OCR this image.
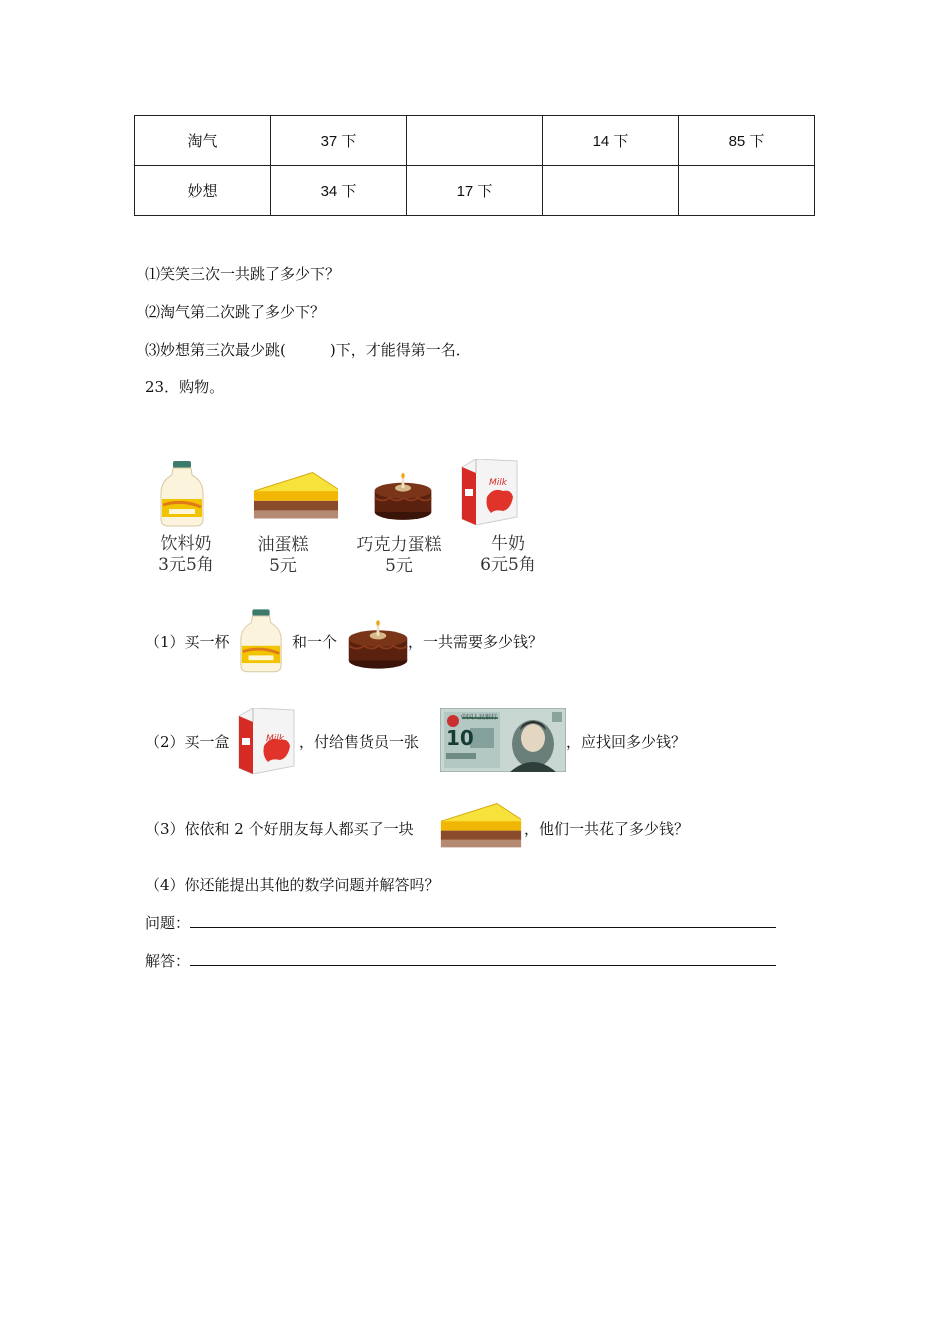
淘气	37 下		14 下	85 下
妙想	34 下	17 下		
⑴笑笑三次一共跳了多少下？
⑵淘气第二次跳了多少下？
⑶妙想第三次最少跳(	)下，才能得第一名．
23．购物。
Milk
饮料奶
3元5角
油蛋糕
5元
巧克力蛋糕
5元
牛奶
6元5角
（1）买一杯	和一个	，一共需要多少钱？
（2）买一盒	Milk ，付给售货员一张
中国人民银行
10	，应找回多少钱？
（3）依依和 2 个好朋友每人都买了一块	，他们一共花了多少钱？
（4）你还能提出其他的数学问题并解答吗？
问题：
解答：
